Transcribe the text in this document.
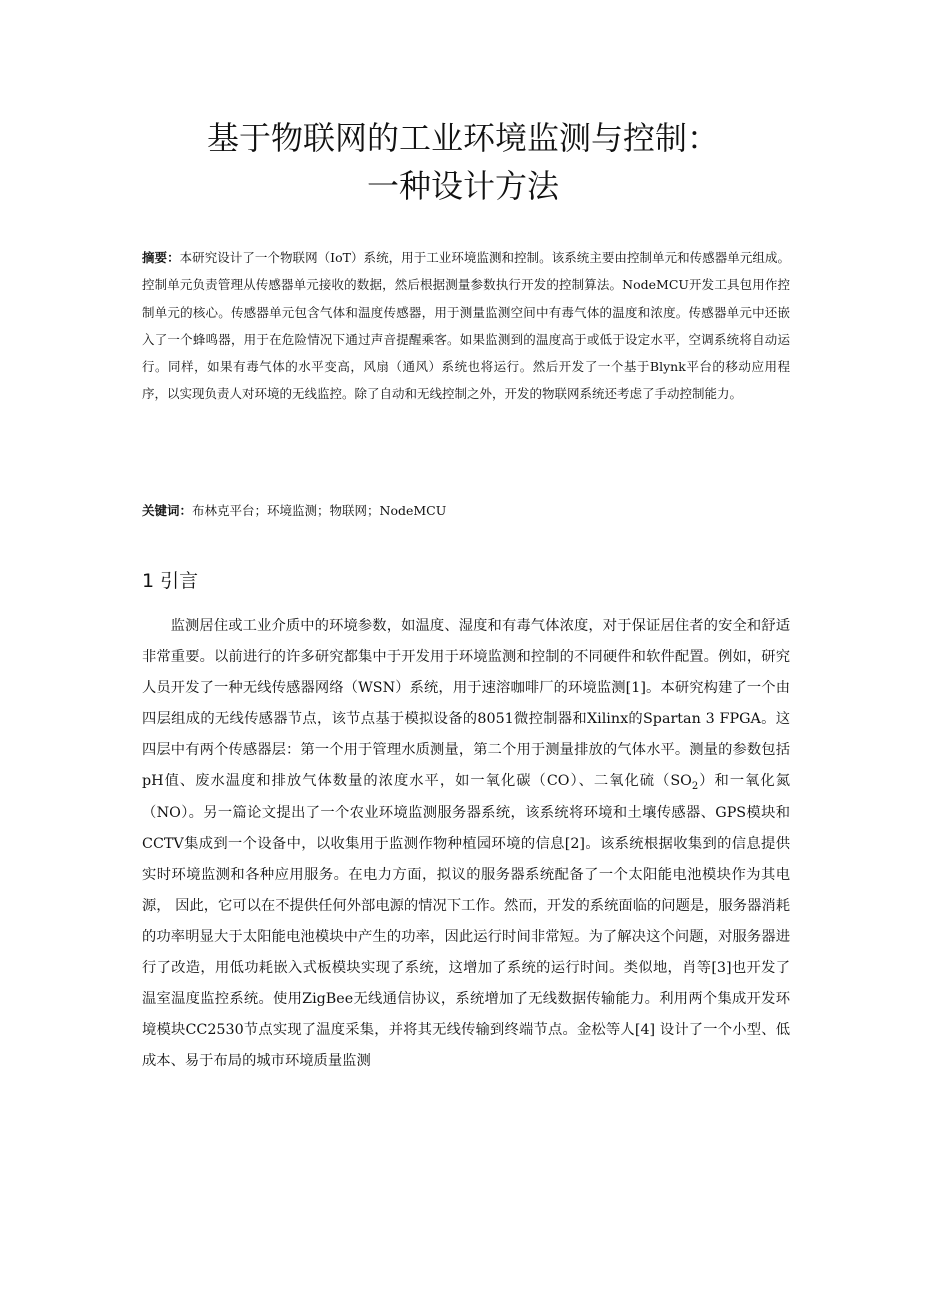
基于物联网的工业环境监测与控制：
一种设计方法

摘要：本研究设计了一个物联网（IoT）系统，用于工业环境监测和控制。该系统主要由控制单元和传感器单元组成。控制单元负责管理从传感器单元接收的数据，然后根据测量参数执行开发的控制算法。NodeMCU开发工具包用作控制单元的核心。传感器单元包含气体和温度传感器，用于测量监测空间中有毒气体的温度和浓度。传感器单元中还嵌入了一个蜂鸣器，用于在危险情况下通过声音提醒乘客。如果监测到的温度高于或低于设定水平，空调系统将自动运行。同样，如果有毒气体的水平变高，风扇（通风）系统也将运行。然后开发了一个基于Blynk平台的移动应用程序，以实现负责人对环境的无线监控。除了自动和无线控制之外，开发的物联网系统还考虑了手动控制能力。

关键词：布林克平台；环境监测；物联网；NodeMCU

1 引言

监测居住或工业介质中的环境参数，如温度、湿度和有毒气体浓度，对于保证居住者的安全和舒适非常重要。以前进行的许多研究都集中于开发用于环境监测和控制的不同硬件和软件配置。例如，研究人员开发了一种无线传感器网络（WSN）系统，用于速溶咖啡厂的环境监测[1]。本研究构建了一个由四层组成的无线传感器节点，该节点基于模拟设备的8051微控制器和Xilinx的Spartan 3 FPGA。这四层中有两个传感器层：第一个用于管理水质测量，第二个用于测量排放的气体水平。测量的参数包括pH值、废水温度和排放气体数量的浓度水平，如一氧化碳（CO）、二氧化硫$(SO_2)$和一氧化氮（NO）。另一篇论文提出了一个农业环境监测服务器系统，该系统将环境和土壤传感器、GPS模块和CCTV集成到一个设备中，以收集用于监测作物种植园环境的信息[2]。该系统根据收集到的信息提供实时环境监测和各种应用服务。在电力方面，拟议的服务器系统配备了一个太阳能电池模块作为其电源， 因此，它可以在不提供任何外部电源的情况下工作。然而，开发的系统面临的问题是，服务器消耗的功率明显大于太阳能电池模块中产生的功率，因此运行时间非常短。为了解决这个问题，对服务器进行了改造，用低功耗嵌入式板模块实现了系统，这增加了系统的运行时间。类似地，肖等[3]也开发了温室温度监控系统。使用ZigBee无线通信协议，系统增加了无线数据传输能力。利用两个集成开发环境模块CC2530节点实现了温度采集，并将其无线传输到终端节点。金松等人[4] 设计了一个小型、低成本、易于布局的城市环境质量监测
